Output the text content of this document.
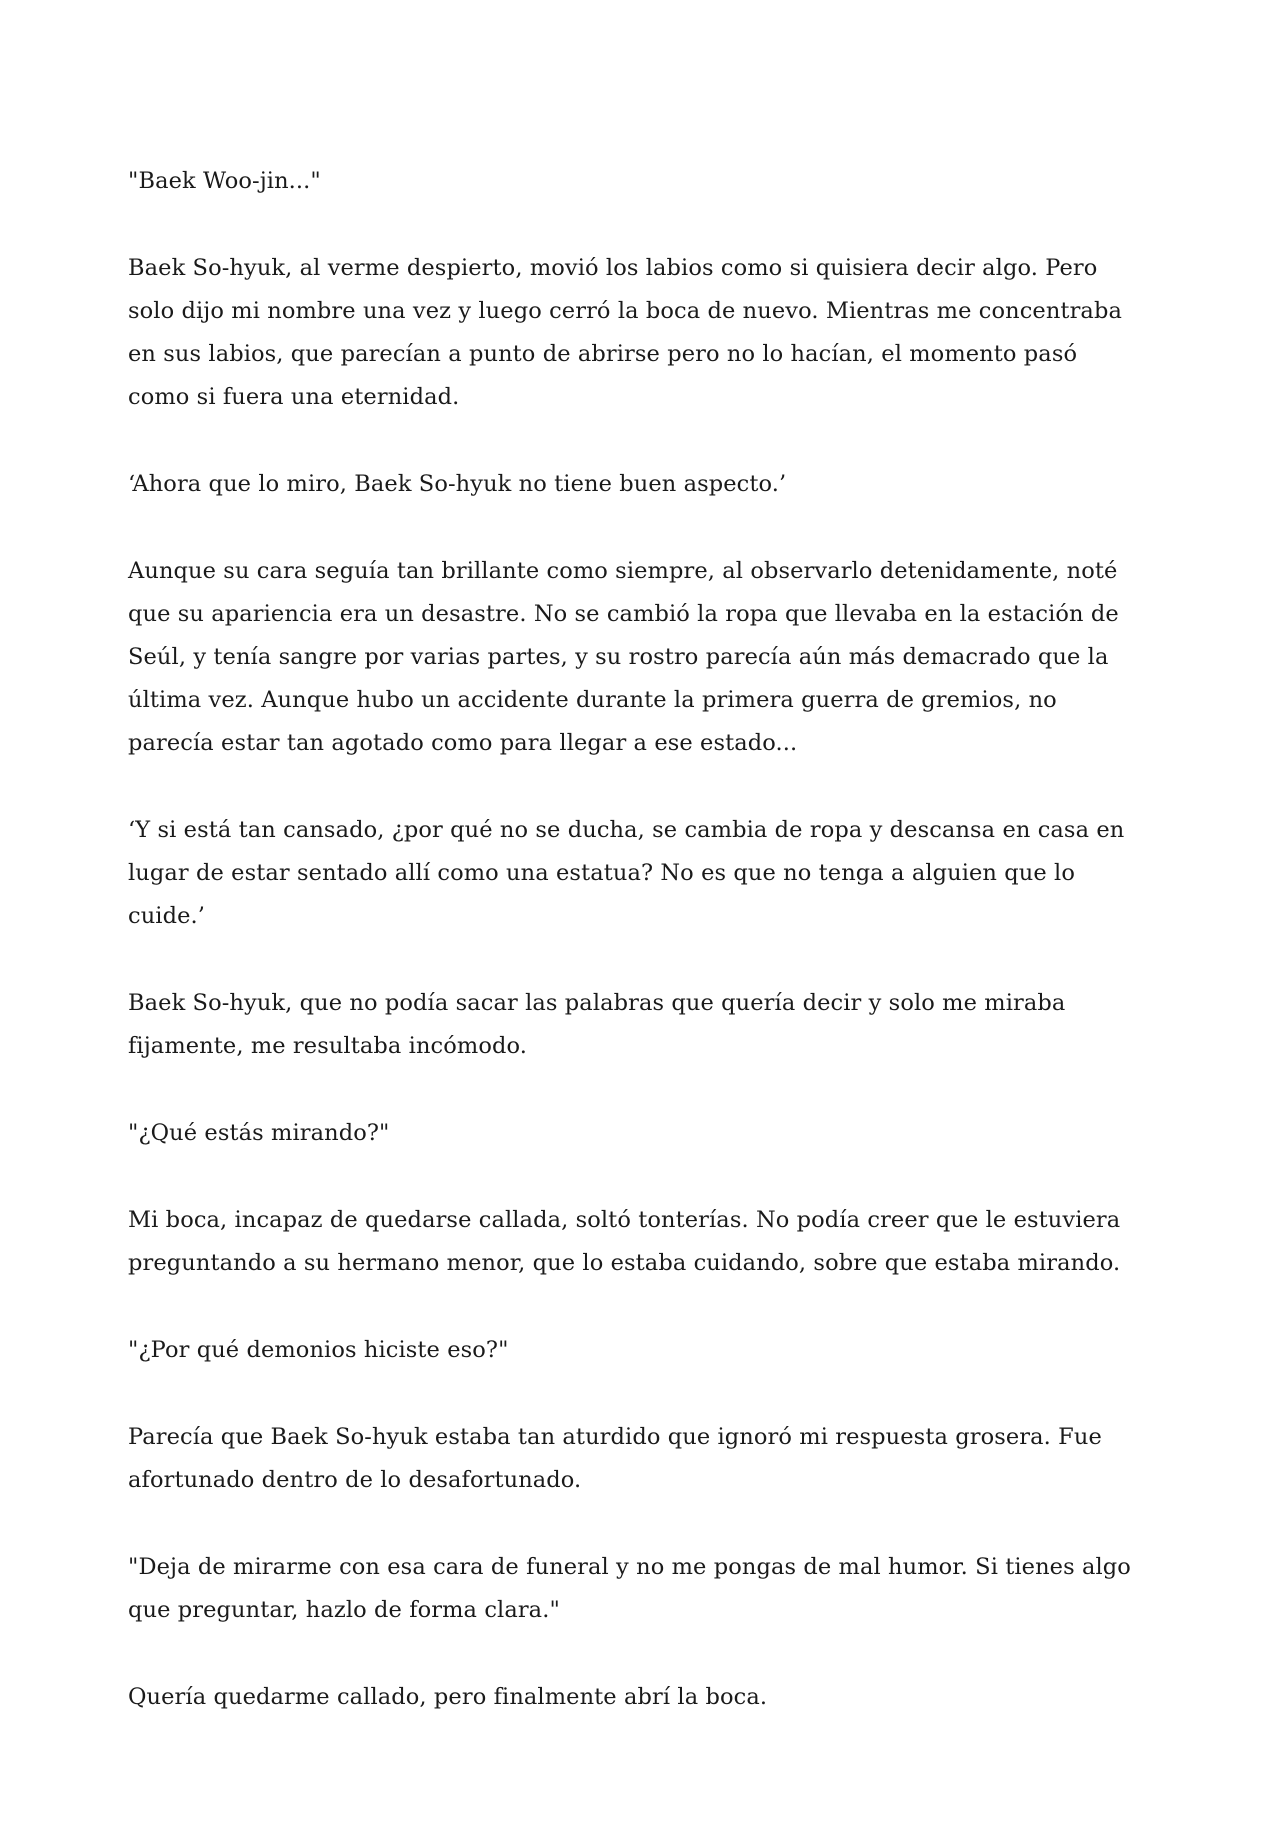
"Baek Woo-jin..."

Baek So-hyuk, al verme despierto, movió los labios como si quisiera decir algo. Pero solo dijo mi nombre una vez y luego cerró la boca de nuevo. Mientras me concentraba en sus labios, que parecían a punto de abrirse pero no lo hacían, el momento pasó como si fuera una eternidad.

‘Ahora que lo miro, Baek So-hyuk no tiene buen aspecto.’

Aunque su cara seguía tan brillante como siempre, al observarlo detenidamente, noté que su apariencia era un desastre. No se cambió la ropa que llevaba en la estación de Seúl, y tenía sangre por varias partes, y su rostro parecía aún más demacrado que la última vez. Aunque hubo un accidente durante la primera guerra de gremios, no parecía estar tan agotado como para llegar a ese estado...

‘Y si está tan cansado, ¿por qué no se ducha, se cambia de ropa y descansa en casa en lugar de estar sentado allí como una estatua? No es que no tenga a alguien que lo cuide.’

Baek So-hyuk, que no podía sacar las palabras que quería decir y solo me miraba fijamente, me resultaba incómodo.

"¿Qué estás mirando?"

Mi boca, incapaz de quedarse callada, soltó tonterías. No podía creer que le estuviera preguntando a su hermano menor, que lo estaba cuidando, sobre que estaba mirando.

"¿Por qué demonios hiciste eso?"

Parecía que Baek So-hyuk estaba tan aturdido que ignoró mi respuesta grosera. Fue afortunado dentro de lo desafortunado.

"Deja de mirarme con esa cara de funeral y no me pongas de mal humor. Si tienes algo que preguntar, hazlo de forma clara."

Quería quedarme callado, pero finalmente abrí la boca.
